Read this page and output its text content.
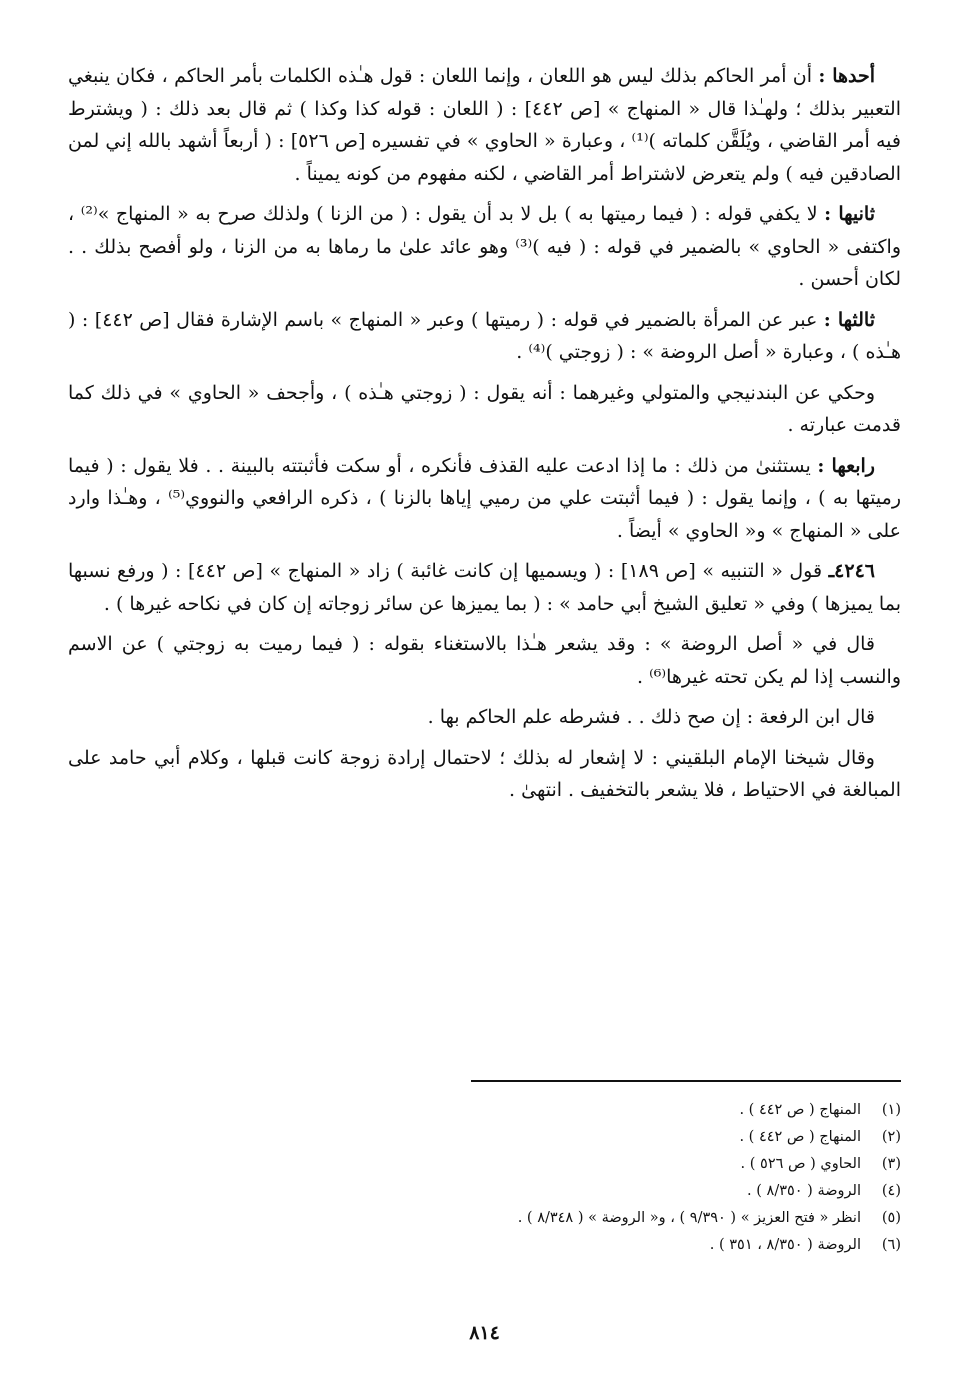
أحدها : أن أمر الحاكم بذلك ليس هو اللعان ، وإنما اللعان : قول هـٰذه الكلمات بأمر الحاكم ، فكان ينبغي التعبير بذلك ؛ ولهـٰذا قال « المنهاج » [ص ٤٤٢] : ( اللعان : قوله كذا وكذا ) ثم قال بعد ذلك : ( ويشترط فيه أمر القاضي ، ويُلَقَّن كلماته )⁽¹⁾ ، وعبارة « الحاوي » في تفسيره [ص ٥٢٦] : ( أربعاً أشهد بالله إني لمن الصادقين فيه ) ولم يتعرض لاشتراط أمر القاضي ، لكنه مفهوم من كونه يميناً .

ثانيها : لا يكفي قوله : ( فيما رميتها به ) بل لا بد أن يقول : ( من الزنا ) ولذلك صرح به « المنهاج »⁽²⁾ ، واكتفى « الحاوي » بالضمير في قوله : ( فيه )⁽³⁾ وهو عائد علىٰ ما رماها به من الزنا ، ولو أفصح بذلك . . لكان أحسن .

ثالثها : عبر عن المرأة بالضمير في قوله : ( رميتها ) وعبر « المنهاج » باسم الإشارة فقال [ص ٤٤٢] : ( هـٰذه ) ، وعبارة « أصل الروضة » : ( زوجتي )⁽⁴⁾ .

وحكي عن البندنيجي والمتولي وغيرهما : أنه يقول : ( زوجتي هـٰذه ) ، وأجحف « الحاوي » في ذلك كما قدمت عبارته .

رابعها : يستثنىٰ من ذلك : ما إذا ادعت عليه القذف فأنكره ، أو سكت فأثبتته بالبينة . . فلا يقول : ( فيما رميتها به ) ، وإنما يقول : ( فيما أثبتت علي من رميي إياها بالزنا ) ، ذكره الرافعي والنووي⁽⁵⁾ ، وهـٰذا وارد على « المنهاج » و« الحاوي » أيضاً .

٤٢٤٦ـ قول « التنبيه » [ص ١٨٩] : ( ويسميها إن كانت غائبة ) زاد « المنهاج » [ص ٤٤٢] : ( ورفع نسبها بما يميزها ) وفي « تعليق الشيخ أبي حامد » : ( بما يميزها عن سائر زوجاته إن كان في نكاحه غيرها ) .

قال في « أصل الروضة » : وقد يشعر هـٰذا بالاستغناء بقوله : ( فيما رميت به زوجتي ) عن الاسم والنسب إذا لم يكن تحته غيرها⁽⁶⁾ .

قال ابن الرفعة : إن صح ذلك . . فشرطه علم الحاكم بها .

وقال شيخنا الإمام البلقيني : لا إشعار له بذلك ؛ لاحتمال إرادة زوجة كانت قبلها ، وكلام أبي حامد على المبالغة في الاحتياط ، فلا يشعر بالتخفيف . انتهىٰ .

(١)المنهاج ( ص ٤٤٢ ) .
(٢)المنهاج ( ص ٤٤٢ ) .
(٣)الحاوي ( ص ٥٢٦ ) .
(٤)الروضة ( ٨/٣٥٠ ) .
(٥)انظر « فتح العزيز » ( ٩/٣٩٠ ) ، و« الروضة » ( ٨/٣٤٨ ) .
(٦)الروضة ( ٨/٣٥٠ ، ٣٥١ ) .
٨١٤
